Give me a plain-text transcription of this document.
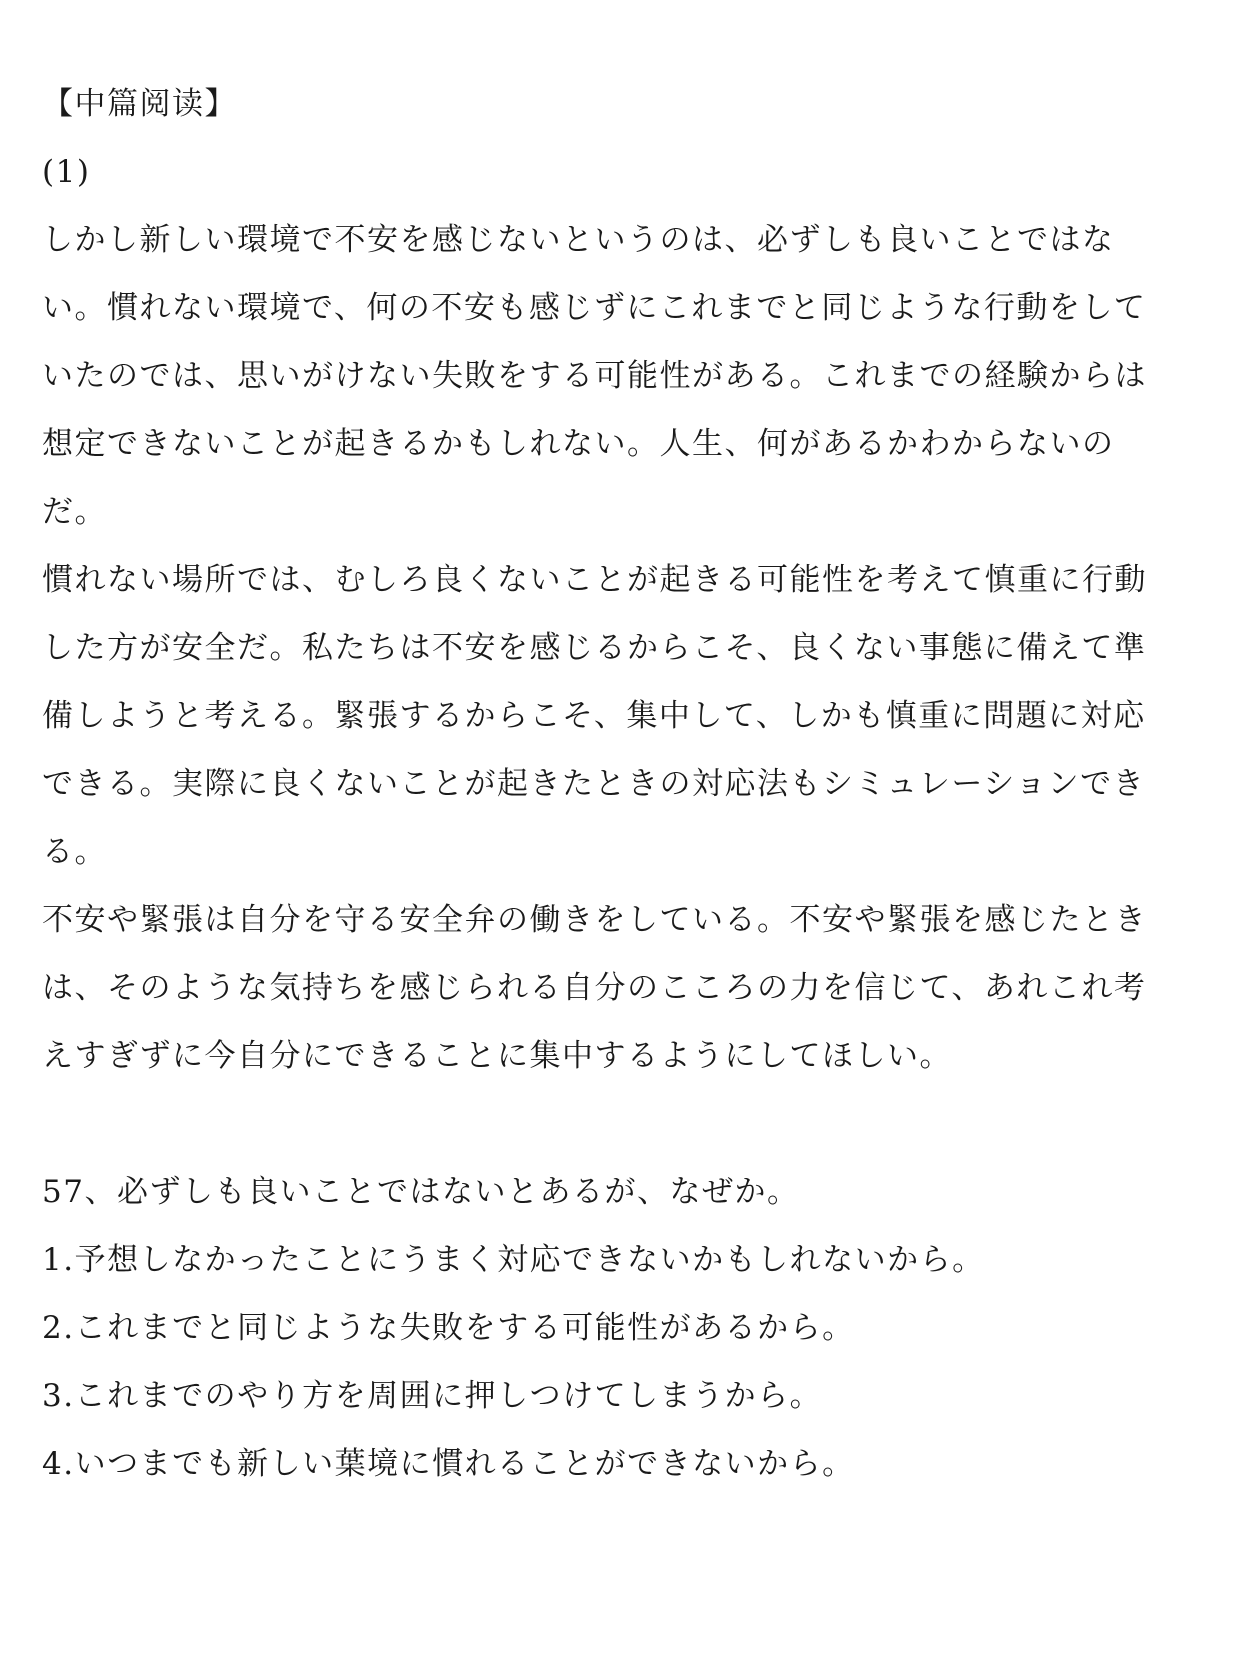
【中篇阅读】
(1)
しかし新しい環境で不安を感じないというのは、必ずしも良いことではな
い。慣れない環境で、何の不安も感じずにこれまでと同じような行動をして
いたのでは、思いがけない失敗をする可能性がある。これまでの経験からは
想定できないことが起きるかもしれない。人生、何があるかわからないの
だ。
慣れない場所では、むしろ良くないことが起きる可能性を考えて慎重に行動
した方が安全だ。私たちは不安を感じるからこそ、良くない事態に備えて準
備しようと考える。緊張するからこそ、集中して、しかも慎重に問題に対応
できる。実際に良くないことが起きたときの対応法もシミュレーションでき
る。
不安や緊張は自分を守る安全弁の働きをしている。不安や緊張を感じたとき
は、そのような気持ちを感じられる自分のこころの力を信じて、あれこれ考
えすぎずに今自分にできることに集中するようにしてほしい。
57、必ずしも良いことではないとあるが、なぜか。
1.予想しなかったことにうまく対応できないかもしれないから。
2.これまでと同じような失敗をする可能性があるから。
3.これまでのやり方を周囲に押しつけてしまうから。
4.いつまでも新しい葉境に慣れることができないから。
